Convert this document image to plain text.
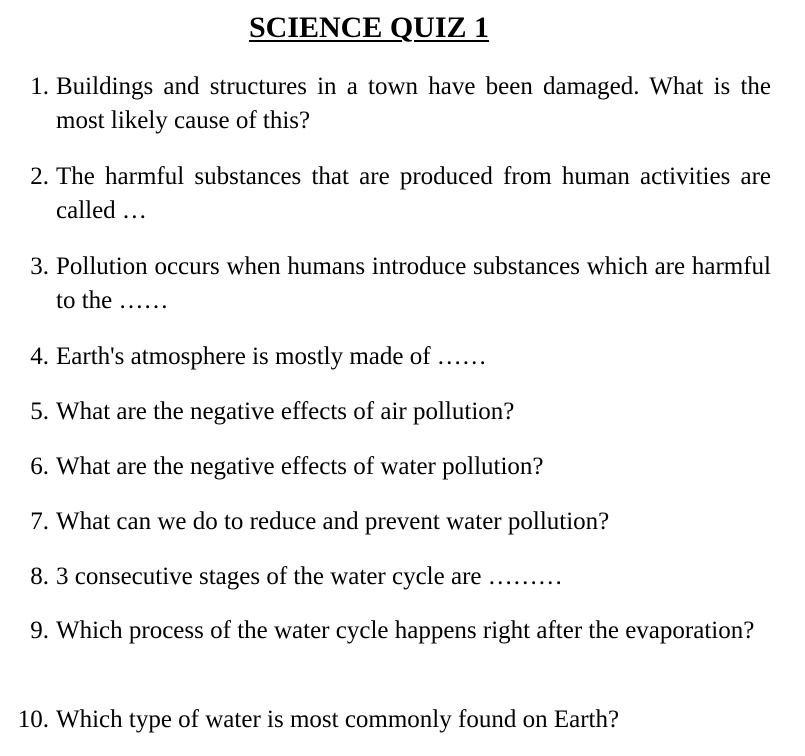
SCIENCE QUIZ 1
1. Buildings and structures in a town have been damaged. What is the most likely cause of this?
2. The harmful substances that are produced from human activities are called …
3. Pollution occurs when humans introduce substances which are harmful to the ……
4. Earth's atmosphere is mostly made of ……
5. What are the negative effects of air pollution?
6. What are the negative effects of water pollution?
7. What can we do to reduce and prevent water pollution?
8. 3 consecutive stages of the water cycle are ………
9. Which process of the water cycle happens right after the evaporation?
10. Which type of water is most commonly found on Earth?
